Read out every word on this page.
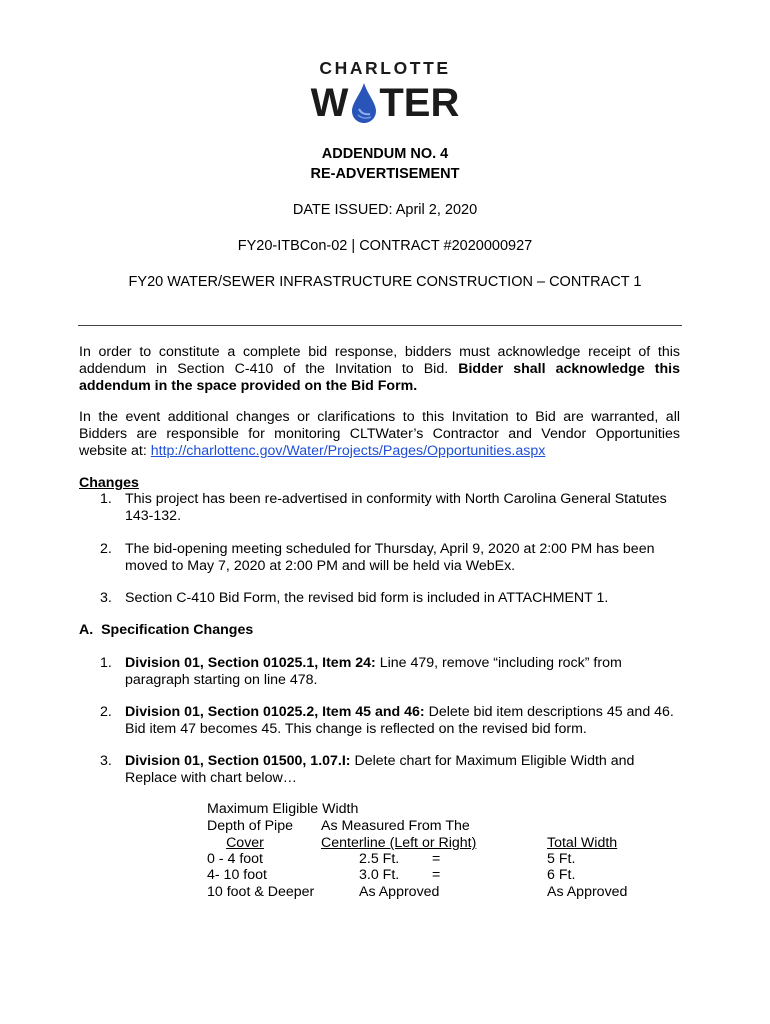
CHARLOTTE
W TER
ADDENDUM NO. 4
RE-ADVERTISEMENT
DATE ISSUED: April 2, 2020
FY20-ITBCon-02 | CONTRACT #2020000927
FY20 WATER/SEWER INFRASTRUCTURE CONSTRUCTION – CONTRACT 1
In order to constitute a complete bid response, bidders must acknowledge receipt of this addendum in Section C-410 of the Invitation to Bid. Bidder shall acknowledge this addendum in the space provided on the Bid Form.
In the event additional changes or clarifications to this Invitation to Bid are warranted, all Bidders are responsible for monitoring CLTWater’s Contractor and Vendor Opportunities website at: http://charlottenc.gov/Water/Projects/Pages/Opportunities.aspx
Changes
1. This project has been re-advertised in conformity with North Carolina General Statutes 143-132.
2. The bid-opening meeting scheduled for Thursday, April 9, 2020 at 2:00 PM has been moved to May 7, 2020 at 2:00 PM and will be held via WebEx.
3. Section C-410 Bid Form, the revised bid form is included in ATTACHMENT 1.
A.  Specification Changes
1. Division 01, Section 01025.1, Item 24: Line 479, remove “including rock” from paragraph starting on line 478.
2. Division 01, Section 01025.2, Item 45 and 46: Delete bid item descriptions 45 and 46. Bid item 47 becomes 45. This change is reflected on the revised bid form.
3. Division 01, Section 01500, 1.07.I: Delete chart for Maximum Eligible Width and Replace with chart below…
Maximum Eligible Width
Depth of Pipe As Measured From The
Cover	Centerline (Left or Right)	Total Width
0 - 4 foot	2.5 Ft. =	5 Ft.
4- 10 foot	3.0 Ft. =	6 Ft.
10 foot & Deeper	As Approved	As Approved
